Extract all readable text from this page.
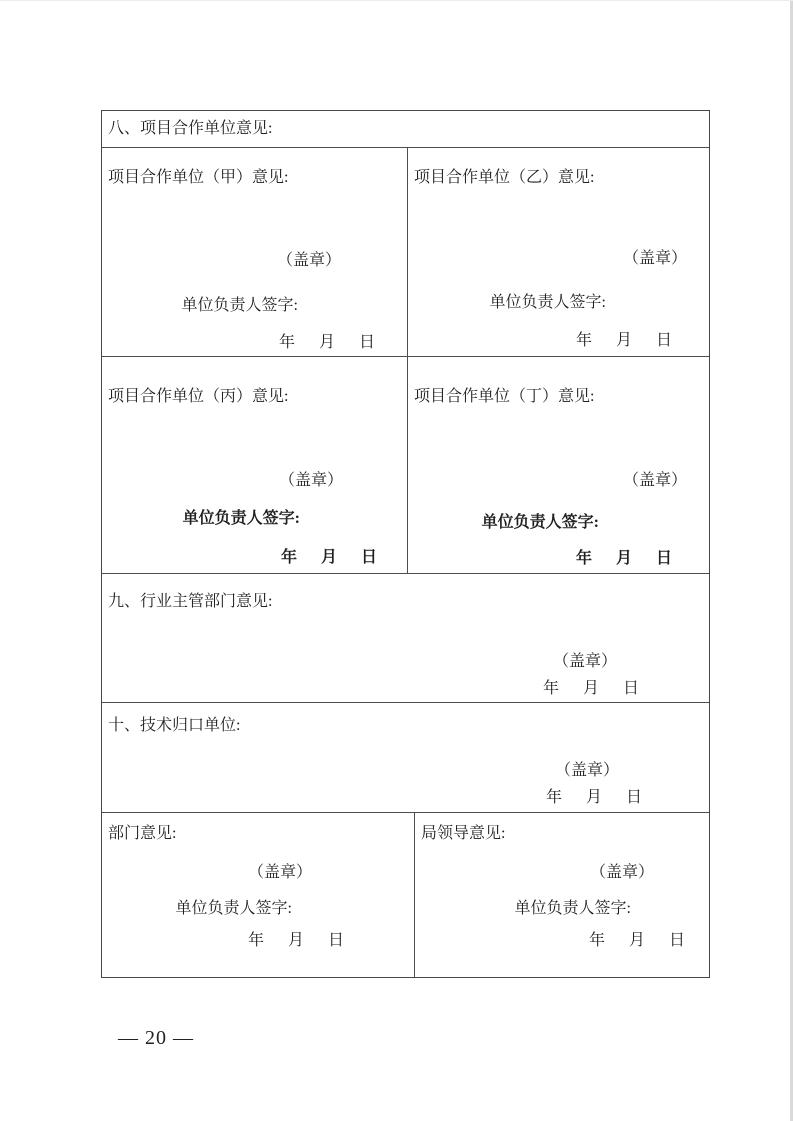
八、项目合作单位意见:
项目合作单位（甲）意见:
（盖章）
单位负责人签字:
年　月　日
项目合作单位（乙）意见:
（盖章）
单位负责人签字:
年　月　日
项目合作单位（丙）意见:
（盖章）
单位负责人签字:
年　月　日
项目合作单位（丁）意见:
（盖章）
单位负责人签字:
年　月　日
九、行业主管部门意见:
（盖章）
年　月　日
十、技术归口单位:
（盖章）
年　月　日
部门意见:
（盖章）
单位负责人签字:
年　月　日
局领导意见:
（盖章）
单位负责人签字:
年　月　日
— 20 —
